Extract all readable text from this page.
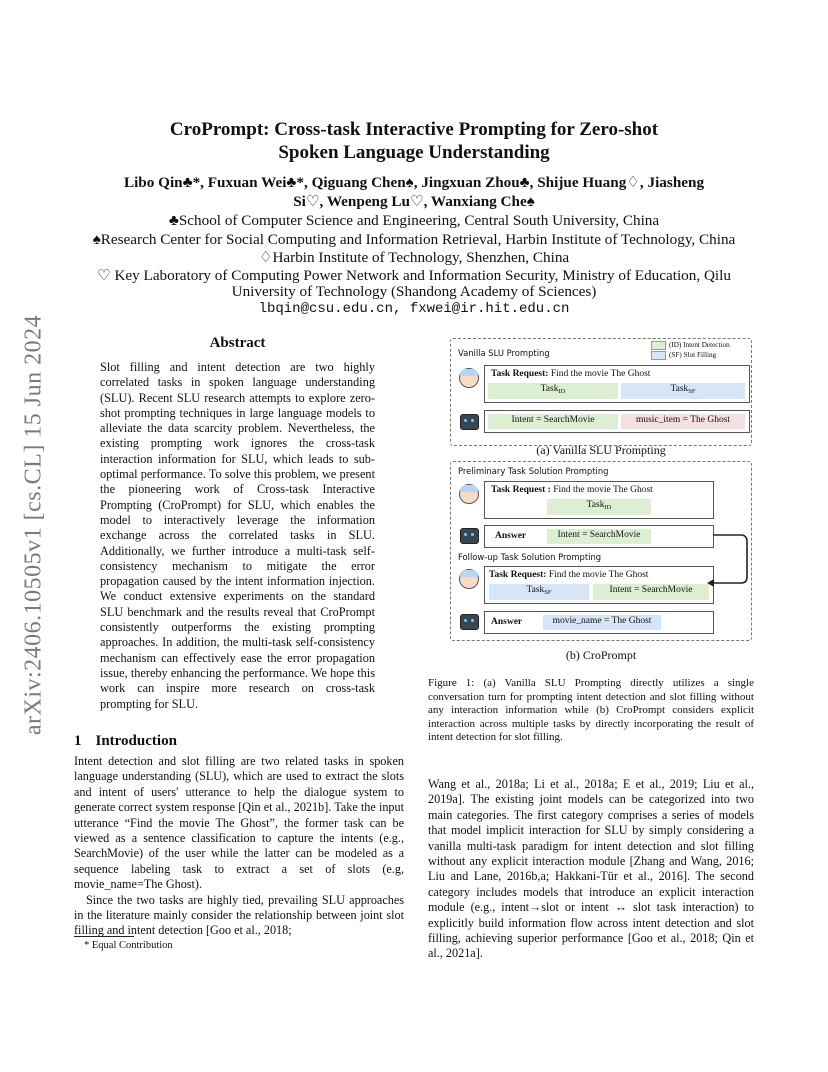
arXiv:2406.10505v1 [cs.CL] 15 Jun 2024
CroPrompt: Cross-task Interactive Prompting for Zero-shot
Spoken Language Understanding
Libo Qin♣*, Fuxuan Wei♣*, Qiguang Chen♠, Jingxuan Zhou♣, Shijue Huang♢, Jiasheng
Si♡, Wenpeng Lu♡, Wanxiang Che♠
♣School of Computer Science and Engineering, Central South University, China
♠Research Center for Social Computing and Information Retrieval, Harbin Institute of Technology, China
♢Harbin Institute of Technology, Shenzhen, China
♡ Key Laboratory of Computing Power Network and Information Security, Ministry of Education, Qilu
University of Technology (Shandong Academy of Sciences)
lbqin@csu.edu.cn, fxwei@ir.hit.edu.cn
Abstract
Slot filling and intent detection are two highly correlated tasks in spoken language understanding (SLU). Recent SLU research attempts to explore zero-shot prompting techniques in large language models to alleviate the data scarcity problem. Nevertheless, the existing prompting work ignores the cross-task interaction information for SLU, which leads to sub-optimal performance. To solve this problem, we present the pioneering work of Cross-task Interactive Prompting (CroPrompt) for SLU, which enables the model to interactively leverage the information exchange across the correlated tasks in SLU. Additionally, we further introduce a multi-task self-consistency mechanism to mitigate the error propagation caused by the intent information injection. We conduct extensive experiments on the standard SLU benchmark and the results reveal that CroPrompt consistently outperforms the existing prompting approaches. In addition, the multi-task self-consistency mechanism can effectively ease the error propagation issue, thereby enhancing the performance. We hope this work can inspire more research on cross-task prompting for SLU.
1 Introduction

Intent detection and slot filling are two related tasks in spoken language understanding (SLU), which are used to extract the slots and intent of users' utterance to help the dialogue system to generate correct system response [Qin et al., 2021b]. Take the input utterance “Find the movie The Ghost”, the former task can be viewed as a sentence classification to capture the intents (e.g., SearchMovie) of the user while the latter can be modeled as a sequence labeling task to extract a set of slots (e.g, movie_name=The Ghost).

Since the two tasks are highly tied, prevailing SLU approaches in the literature mainly consider the relationship between joint slot filling and intent detection [Goo et al., 2018;

* Equal Contribution
Vanilla SLU Prompting
(ID) Intent Detection
(SF) Slot Filling
Task Request: Find the movie The Ghost
Task$_{ID}$	Task$_{SF}$
Intent = SearchMovie	music_item = The Ghost
(a) Vanilla SLU Prompting
Preliminary Task Solution Prompting
Task Request : Find the movie The Ghost
Task$_{ID}$
Answer	Intent = SearchMovie
Follow-up Task Solution Prompting
Task Request: Find the movie The Ghost
Task$_{SF}$	Intent = SearchMovie
Answer	movie_name = The Ghost
(b) CroPrompt
Figure 1: (a) Vanilla SLU Prompting directly utilizes a single conversation turn for prompting intent detection and slot filling without any interaction information while (b) CroPrompt considers explicit interaction across multiple tasks by directly incorporating the result of intent detection for slot filling.
Wang et al., 2018a; Li et al., 2018a; E et al., 2019; Liu et al., 2019a]. The existing joint models can be categorized into two main categories. The first category comprises a series of models that model implicit interaction for SLU by simply considering a vanilla multi-task paradigm for intent detection and slot filling without any explicit interaction module [Zhang and Wang, 2016; Liu and Lane, 2016b,a; Hakkani-Tür et al., 2016]. The second category includes models that introduce an explicit interaction module (e.g., intent→slot or intent ↔ slot task interaction) to explicitly build information flow across intent detection and slot filling, achieving superior performance [Goo et al., 2018; Qin et al., 2021a].
